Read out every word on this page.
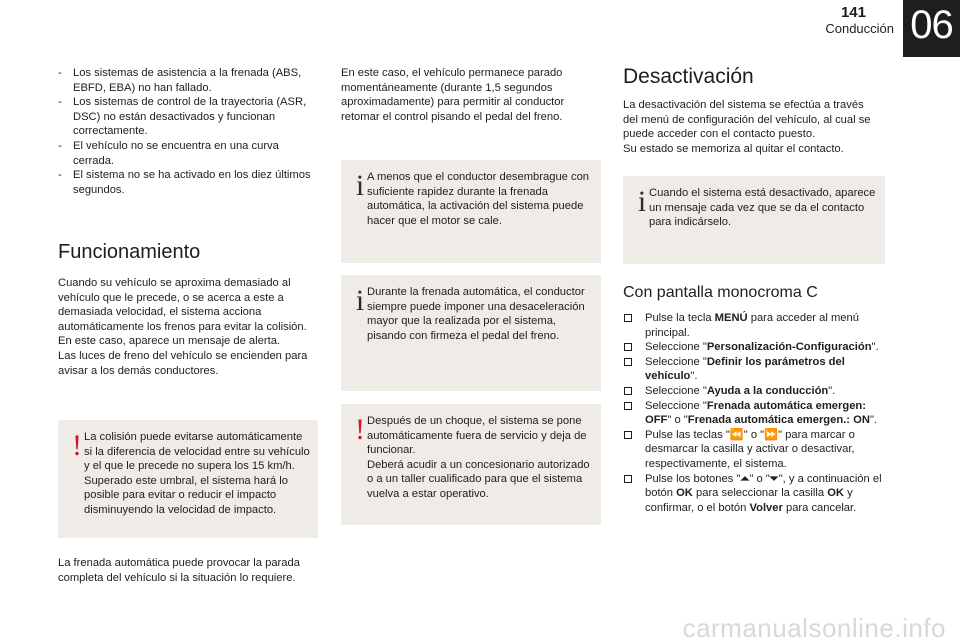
141
Conducción 06
- Los sistemas de asistencia a la frenada (ABS, EBFD, EBA) no han fallado.
- Los sistemas de control de la trayectoria (ASR, DSC) no están desactivados y funcionan correctamente.
- El vehículo no se encuentra en una curva cerrada.
- El sistema no se ha activado en los diez últimos segundos.
Funcionamiento

Cuando su vehículo se aproxima demasiado al vehículo que le precede, o se acerca a este a demasiada velocidad, el sistema acciona automáticamente los frenos para evitar la colisión.
En este caso, aparece un mensaje de alerta.
Las luces de freno del vehículo se encienden para avisar a los demás conductores.

! La colisión puede evitarse automáticamente si la diferencia de velocidad entre su vehículo y el que le precede no supera los 15 km/h.
Superado este umbral, el sistema hará lo posible para evitar o reducir el impacto disminuyendo la velocidad de impacto.

La frenada automática puede provocar la parada completa del vehículo si la situación lo requiere.

En este caso, el vehículo permanece parado momentáneamente (durante 1,5 segundos aproximadamente) para permitir al conductor retomar el control pisando el pedal del freno.

i A menos que el conductor desembrague con suficiente rapidez durante la frenada automática, la activación del sistema puede hacer que el motor se cale.
i Durante la frenada automática, el conductor siempre puede imponer una desaceleración mayor que la realizada por el sistema, pisando con firmeza el pedal del freno.
! Después de un choque, el sistema se pone automáticamente fuera de servicio y deja de funcionar.
Deberá acudir a un concesionario autorizado o a un taller cualificado para que el sistema vuelva a estar operativo.
Desactivación

La desactivación del sistema se efectúa a través del menú de configuración del vehículo, al cual se puede acceder con el contacto puesto.
Su estado se memoriza al quitar el contacto.

i Cuando el sistema está desactivado, aparece un mensaje cada vez que se da el contacto para indicárselo.
Con pantalla monocroma C
Pulse la tecla MENÚ para acceder al menú principal.
Seleccione "Personalización-Configuración".
Seleccione "Definir los parámetros del vehículo".
Seleccione "Ayuda a la conducción".
Seleccione "Frenada automática emergen: OFF" o "Frenada automática emergen.: ON".
Pulse las teclas "⏪" o "⏩" para marcar o desmarcar la casilla y activar o desactivar, respectivamente, el sistema.
Pulse los botones "⏶" o "⏷", y a continuación el botón OK para seleccionar la casilla OK y confirmar, o el botón Volver para cancelar.
carmanualsonline.info
